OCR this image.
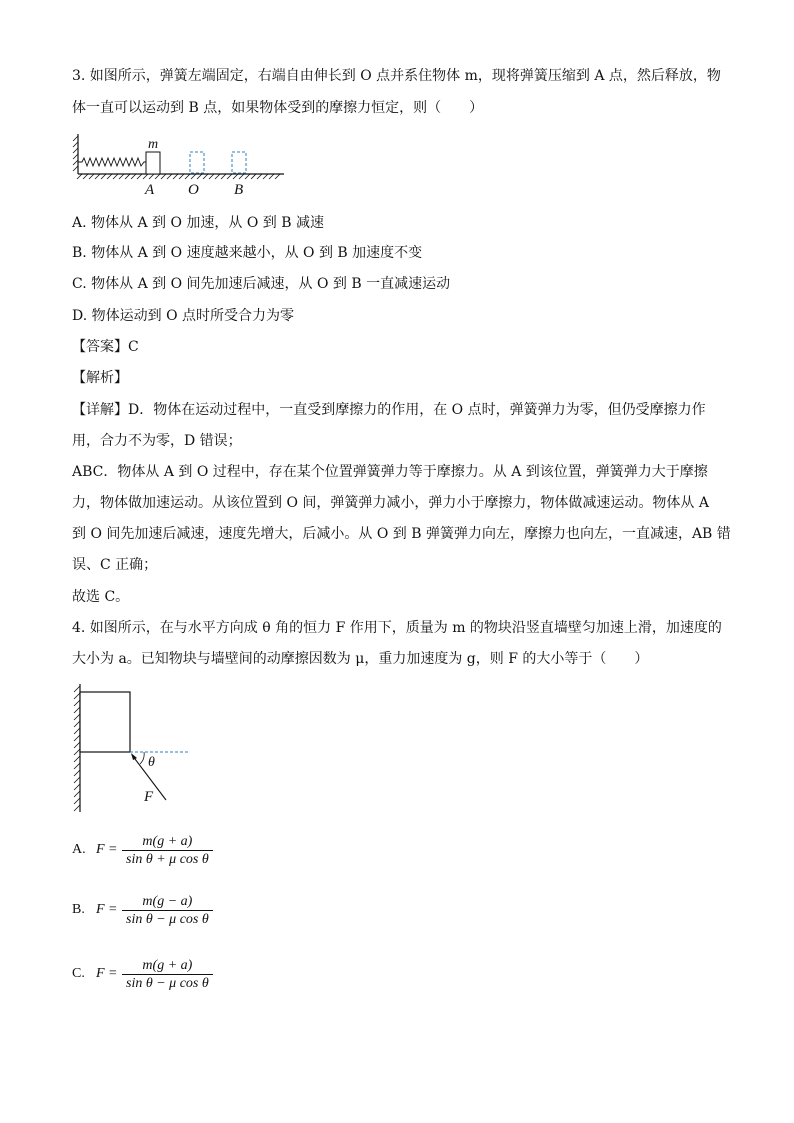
3. 如图所示，弹簧左端固定，右端自由伸长到 O 点并系住物体 m，现将弹簧压缩到 A 点，然后释放，物
体一直可以运动到 B 点，如果物体受到的摩擦力恒定，则（　　）
m
A O B
A. 物体从 A 到 O 加速，从 O 到 B 减速
B. 物体从 A 到 O 速度越来越小，从 O 到 B 加速度不变
C. 物体从 A 到 O 间先加速后减速，从 O 到 B 一直减速运动
D. 物体运动到 O 点时所受合力为零
【答案】C
【解析】
【详解】D．物体在运动过程中，一直受到摩擦力的作用，在 O 点时，弹簧弹力为零，但仍受摩擦力作
用，合力不为零，D 错误；
ABC．物体从 A 到 O 过程中，存在某个位置弹簧弹力等于摩擦力。从 A 到该位置，弹簧弹力大于摩擦
力，物体做加速运动。从该位置到 O 间，弹簧弹力减小，弹力小于摩擦力，物体做减速运动。物体从 A
到 O 间先加速后减速，速度先增大，后减小。从 O 到 B 弹簧弹力向左，摩擦力也向左，一直减速，AB 错
误、C 正确；
故选 C。
4. 如图所示，在与水平方向成 θ 角的恒力 F 作用下，质量为 m 的物块沿竖直墙壁匀加速上滑，加速度的
大小为 a。已知物块与墙壁间的动摩擦因数为 μ，重力加速度为 g，则 F 的大小等于（　　）
θ
F
A. $F = \frac{m(g + a)}{\text{sin θ + μ cos θ}}$
B. $F = \frac{m(g - a)}{\text{sin θ − μ cos θ}}$
C. $F = \frac{m(g + a)}{\text{sin θ − μ cos θ}}$
